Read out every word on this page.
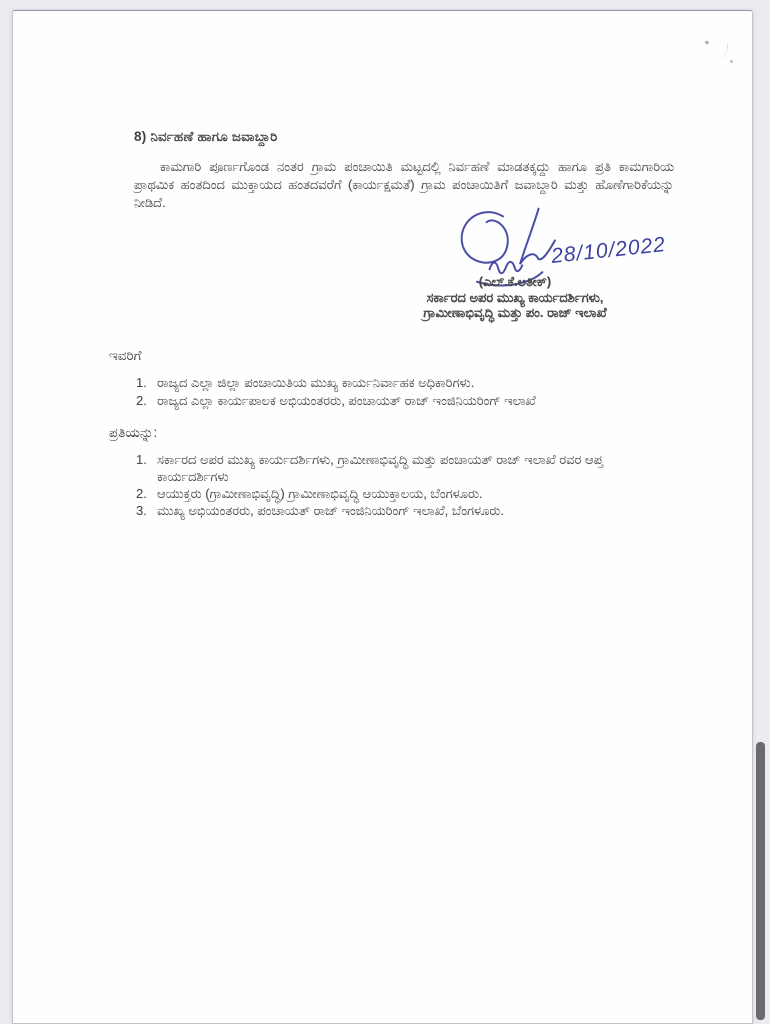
8) ನಿರ್ವಹಣೆ ಹಾಗೂ ಜವಾಬ್ದಾರಿ
ಕಾಮಗಾರಿ ಪೂರ್ಣಗೊಂಡ ನಂತರ ಗ್ರಾಮ ಪಂಚಾಯಿತಿ ಮಟ್ಟದಲ್ಲಿ ನಿರ್ವಹಣೆ ಮಾಡತಕ್ಕದ್ದು ಹಾಗೂ ಪ್ರತಿ ಕಾಮಗಾರಿಯ ಪ್ರಾಥಮಿಕ ಹಂತದಿಂದ ಮುಕ್ತಾಯದ ಹಂತದವರೆಗೆ (ಕಾರ್ಯಕ್ಷಮತೆ) ಗ್ರಾಮ ಪಂಚಾಯಿತಿಗೆ ಜವಾಬ್ದಾರಿ ಮತ್ತು ಹೊಣೆಗಾರಿಕೆಯನ್ನು ನೀಡಿದೆ.
28/10/2022
(ಎಲ್.ಕೆ.ಅತೀಕ್)
ಸರ್ಕಾರದ ಅಪರ ಮುಖ್ಯ ಕಾರ್ಯದರ್ಶಿಗಳು,
ಗ್ರಾಮೀಣಾಭಿವೃದ್ಧಿ ಮತ್ತು ಪಂ. ರಾಜ್ ಇಲಾಖೆ
ಇವರಿಗೆ
1. ರಾಜ್ಯದ ಎಲ್ಲಾ ಜಿಲ್ಲಾ ಪಂಚಾಯಿತಿಯ ಮುಖ್ಯ ಕಾರ್ಯನಿರ್ವಾಹಕ ಅಧಿಕಾರಿಗಳು.
2. ರಾಜ್ಯದ ಎಲ್ಲಾ ಕಾರ್ಯಪಾಲಕ ಅಭಿಯಂತರರು, ಪಂಚಾಯತ್ ರಾಜ್ ಇಂಜಿನಿಯರಿಂಗ್ ಇಲಾಖೆ
ಪ್ರತಿಯನ್ನು:
1. ಸರ್ಕಾರದ ಅಪರ ಮುಖ್ಯ ಕಾರ್ಯದರ್ಶಿಗಳು, ಗ್ರಾಮೀಣಾಭಿವೃದ್ಧಿ ಮತ್ತು ಪಂಚಾಯತ್ ರಾಜ್ ಇಲಾಖೆ ರವರ ಆಪ್ತ ಕಾರ್ಯದರ್ಶಿಗಳು
2. ಆಯುಕ್ತರು (ಗ್ರಾಮೀಣಾಭಿವೃದ್ಧಿ) ಗ್ರಾಮೀಣಾಭಿವೃದ್ಧಿ ಆಯುಕ್ತಾಲಯ, ಬೆಂಗಳೂರು.
3. ಮುಖ್ಯ ಅಭಿಯಂತರರು, ಪಂಚಾಯತ್ ರಾಜ್ ಇಂಜಿನಿಯರಿಂಗ್ ಇಲಾಖೆ, ಬೆಂಗಳೂರು.
